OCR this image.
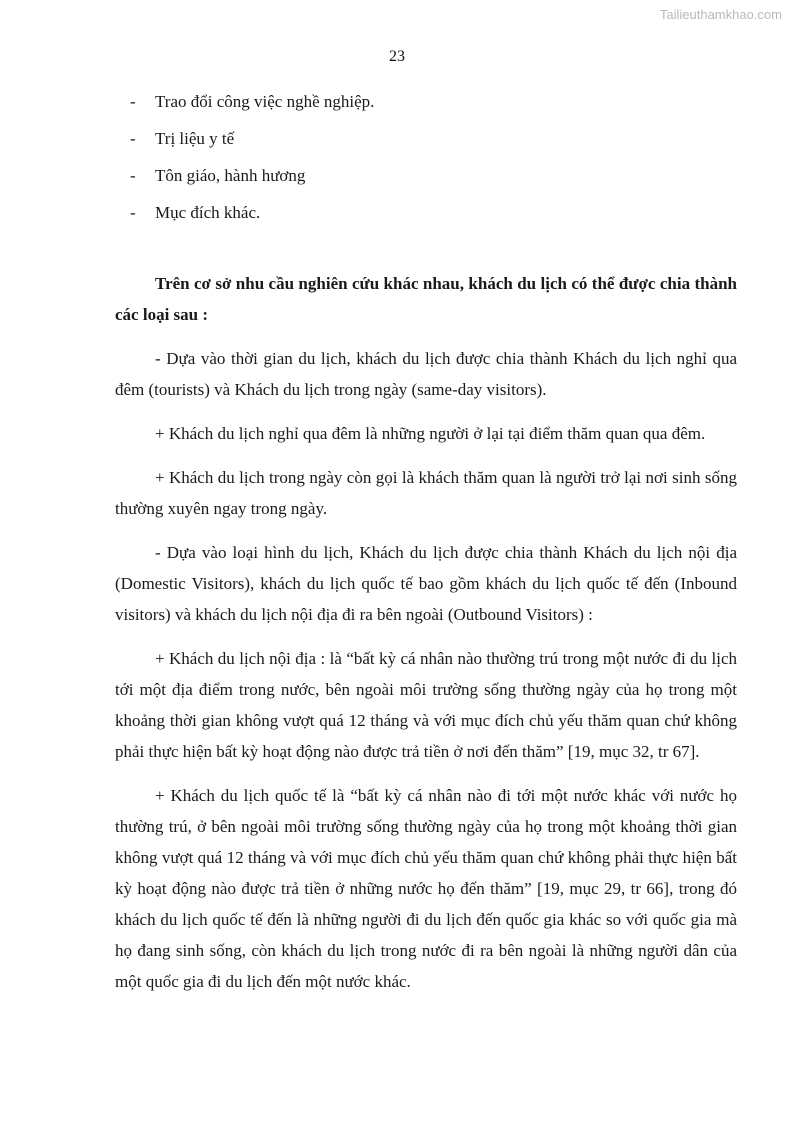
Tailieuthamkhao.com
23
-	Trao đổi công việc nghề nghiệp.
-	Trị liệu y tế
-	Tôn giáo, hành hương
-	Mục đích khác.

Trên cơ sở nhu cầu nghiên cứu khác nhau, khách du lịch có thể được chia thành các loại sau :

- Dựa vào thời gian du lịch, khách du lịch được chia thành Khách du lịch nghỉ qua đêm (tourists) và Khách du lịch trong ngày (same-day visitors).

+ Khách du lịch nghỉ qua đêm là những người ở lại tại điểm thăm quan qua đêm.

+ Khách du lịch trong ngày còn gọi là khách thăm quan là người trở lại nơi sinh sống thường xuyên ngay trong ngày.

- Dựa vào loại hình du lịch, Khách du lịch được chia thành Khách du lịch nội địa (Domestic Visitors), khách du lịch quốc tế bao gồm khách du lịch quốc tế đến (Inbound visitors) và khách du lịch nội địa đi ra bên ngoài (Outbound Visitors) :

+ Khách du lịch nội địa : là “bất kỳ cá nhân nào thường trú trong một nước đi du lịch tới một địa điểm trong nước, bên ngoài môi trường sống thường ngày của họ trong một khoảng thời gian không vượt quá 12 tháng và với mục đích chủ yếu thăm quan chứ không phải thực hiện bất kỳ hoạt động nào được trả tiền ở nơi đến thăm” [19, mục 32, tr 67].

+ Khách du lịch quốc tế là “bất kỳ cá nhân nào đi tới một nước khác với nước họ thường trú, ở bên ngoài môi trường sống thường ngày của họ trong một khoảng thời gian không vượt quá 12 tháng và với mục đích chủ yếu thăm quan chứ không phải thực hiện bất kỳ hoạt động nào được trả tiền ở những nước họ đến thăm” [19, mục 29, tr 66], trong đó khách du lịch quốc tế đến là những người đi du lịch đến quốc gia khác so với quốc gia mà họ đang sinh sống, còn khách du lịch trong nước đi ra bên ngoài là những người dân của một quốc gia đi du lịch đến một nước khác.
